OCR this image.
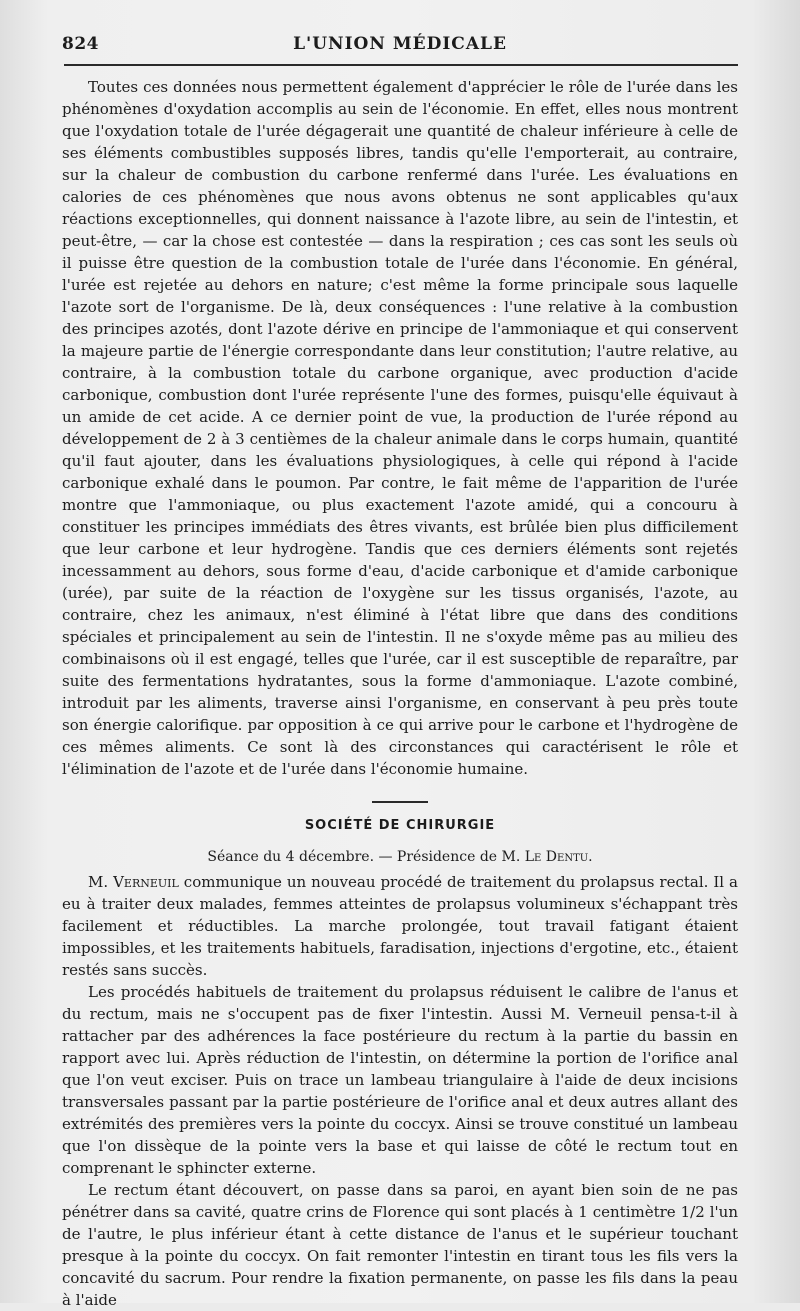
824	L'UNION MÉDICALE

Toutes ces données nous permettent également d'apprécier le rôle de l'urée dans les phénomènes d'oxydation accomplis au sein de l'économie. En effet, elles nous montrent que l'oxydation totale de l'urée dégagerait une quantité de chaleur inférieure à celle de ses éléments combustibles supposés libres, tandis qu'elle l'emporterait, au contraire, sur la chaleur de combustion du carbone renfermé dans l'urée. Les évaluations en calories de ces phénomènes que nous avons obtenus ne sont applicables qu'aux réactions exceptionnelles, qui donnent naissance à l'azote libre, au sein de l'intestin, et peut-être, — car la chose est contestée — dans la respiration ; ces cas sont les seuls où il puisse être question de la combustion totale de l'urée dans l'économie. En général, l'urée est rejetée au dehors en nature; c'est même la forme principale sous laquelle l'azote sort de l'organisme. De là, deux conséquences : l'une relative à la combustion des principes azotés, dont l'azote dérive en principe de l'ammoniaque et qui conservent la majeure partie de l'énergie correspondante dans leur constitution; l'autre relative, au contraire, à la combustion totale du carbone organique, avec production d'acide carbonique, combustion dont l'urée représente l'une des formes, puisqu'elle équivaut à un amide de cet acide. A ce dernier point de vue, la production de l'urée répond au développement de 2 à 3 centièmes de la chaleur animale dans le corps humain, quantité qu'il faut ajouter, dans les évaluations physiologiques, à celle qui répond à l'acide carbonique exhalé dans le poumon. Par contre, le fait même de l'apparition de l'urée montre que l'ammoniaque, ou plus exactement l'azote amidé, qui a concouru à constituer les principes immédiats des êtres vivants, est brûlée bien plus difficilement que leur carbone et leur hydrogène. Tandis que ces derniers éléments sont rejetés incessamment au dehors, sous forme d'eau, d'acide carbonique et d'amide carbonique (urée), par suite de la réaction de l'oxygène sur les tissus organisés, l'azote, au contraire, chez les animaux, n'est éliminé à l'état libre que dans des conditions spéciales et principalement au sein de l'intestin. Il ne s'oxyde même pas au milieu des combinaisons où il est engagé, telles que l'urée, car il est susceptible de reparaître, par suite des fermentations hydratantes, sous la forme d'ammoniaque. L'azote combiné, introduit par les aliments, traverse ainsi l'organisme, en conservant à peu près toute son énergie calorifique. par opposition à ce qui arrive pour le carbone et l'hydrogène de ces mêmes aliments. Ce sont là des circonstances qui caractérisent le rôle et l'élimination de l'azote et de l'urée dans l'économie humaine.

SOCIÉTÉ DE CHIRURGIE
Séance du 4 décembre. — Présidence de M. Le Dentu.

M. Verneuil communique un nouveau procédé de traitement du prolapsus rectal. Il a eu à traiter deux malades, femmes atteintes de prolapsus volumineux s'échappant très facilement et réductibles. La marche prolongée, tout travail fatigant étaient impossibles, et les traitements habituels, faradisation, injections d'ergotine, etc., étaient restés sans succès.

Les procédés habituels de traitement du prolapsus réduisent le calibre de l'anus et du rectum, mais ne s'occupent pas de fixer l'intestin. Aussi M. Verneuil pensa-t-il à rattacher par des adhérences la face postérieure du rectum à la partie du bassin en rapport avec lui. Après réduction de l'intestin, on détermine la portion de l'orifice anal que l'on veut exciser. Puis on trace un lambeau triangulaire à l'aide de deux incisions transversales passant par la partie postérieure de l'orifice anal et deux autres allant des extrémités des premières vers la pointe du coccyx. Ainsi se trouve constitué un lambeau que l'on dissèque de la pointe vers la base et qui laisse de côté le rectum tout en comprenant le sphincter externe.

Le rectum étant découvert, on passe dans sa paroi, en ayant bien soin de ne pas pénétrer dans sa cavité, quatre crins de Florence qui sont placés à 1 centimètre 1/2 l'un de l'autre, le plus inférieur étant à cette distance de l'anus et le supérieur touchant presque à la pointe du coccyx. On fait remonter l'intestin en tirant tous les fils vers la concavité du sacrum. Pour rendre la fixation permanente, on passe les fils dans la peau à l'aide
